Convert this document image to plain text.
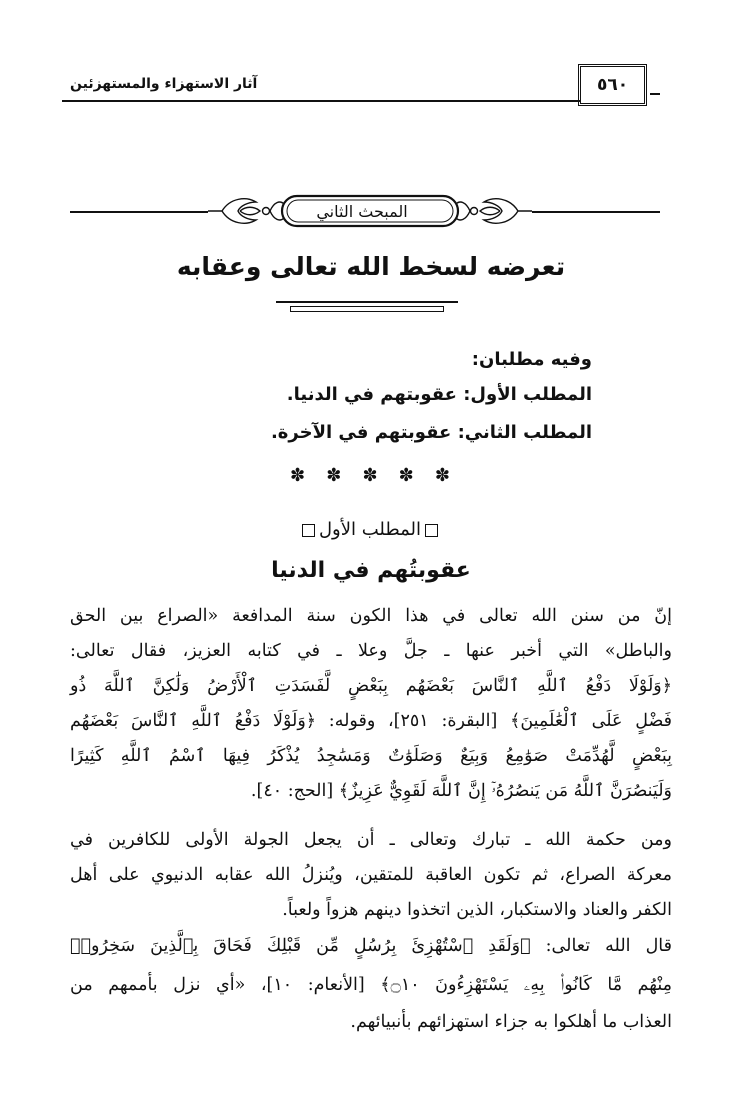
آثار الاستهزاء والمستهزئين	٥٦٠
المبحث الثاني
تعرضه لسخط الله تعالى وعقابه
وفيه مطلبان:
المطلب الأول: عقوبتهم في الدنيا.
المطلب الثاني: عقوبتهم في الآخرة.
✽ ✽ ✽ ✽ ✽
المطلب الأول
عقوبتُهم في الدنيا
إنّ من سنن الله تعالى في هذا الكون سنة المدافعة «الصراع بين الحق
والباطل» التي أخبر عنها ـ جلَّ وعلا ـ في كتابه العزيز، فقال تعالى:
﴿وَلَوْلَا دَفْعُ ٱللَّهِ ٱلنَّاسَ بَعْضَهُم بِبَعْضٍ لَّفَسَدَتِ ٱلْأَرْضُ وَلَٰكِنَّ ٱللَّهَ ذُو
فَضْلٍ عَلَى ٱلْعَٰلَمِينَ﴾ [البقرة: ٢٥١]، وقوله: ﴿وَلَوْلَا دَفْعُ ٱللَّهِ ٱلنَّاسَ بَعْضَهُم
بِبَعْضٍ لَّهُدِّمَتْ صَوَٰمِعُ وَبِيَعٌ وَصَلَوَٰتٌ وَمَسَٰجِدُ يُذْكَرُ فِيهَا ٱسْمُ ٱللَّهِ كَثِيرًا
وَلَيَنصُرَنَّ ٱللَّهُ مَن يَنصُرُهُۥٓ إِنَّ ٱللَّهَ لَقَوِيٌّ عَزِيزٌ﴾ [الحج: ٤٠].
ومن حكمة الله ـ تبارك وتعالى ـ أن يجعل الجولة الأولى للكافرين في
معركة الصراع، ثم تكون العاقبة للمتقين، ويُنزلُ الله عقابه الدنيوي على أهل
الكفر والعناد والاستكبار، الذين اتخذوا دينهم هزواً ولعباً.
قال الله تعالى: ﴿وَلَقَدِ ٱسْتُهْزِئَ بِرُسُلٍ مِّن قَبْلِكَ فَحَاقَ بِٱلَّذِينَ سَخِرُوا۟
مِنْهُم مَّا كَانُوا۟ بِهِۦ يَسْتَهْزِءُونَ ۝١٠﴾ [الأنعام: ١٠]، «أي نزل بأممهم من
العذاب ما أهلكوا به جزاء استهزائهم بأنبيائهم.
